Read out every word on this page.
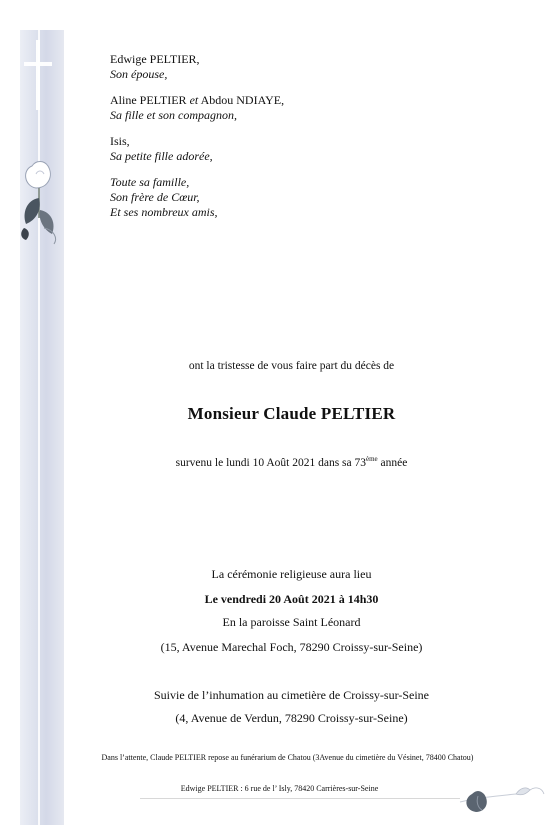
Edwige PELTIER,
Son épouse,
Aline PELTIER et Abdou NDIAYE,
Sa fille et son compagnon,
Isis,
Sa petite fille adorée,
Toute sa famille,
Son frère de Cœur,
Et ses nombreux amis,
ont la tristesse de vous faire part du décès de
Monsieur Claude PELTIER
survenu le lundi 10 Août 2021 dans sa 73ème année
La cérémonie religieuse aura lieu
Le vendredi 20 Août 2021 à 14h30
En la paroisse Saint Léonard
(15, Avenue Marechal Foch, 78290 Croissy-sur-Seine)
Suivie de l’inhumation au cimetière de Croissy-sur-Seine
(4, Avenue de Verdun, 78290 Croissy-sur-Seine)
Dans l’attente, Claude PELTIER repose au funérarium de Chatou (3Avenue du cimetière du Vésinet, 78400 Chatou)
Edwige PELTIER : 6 rue de l’ Isly, 78420 Carrières-sur-Seine
